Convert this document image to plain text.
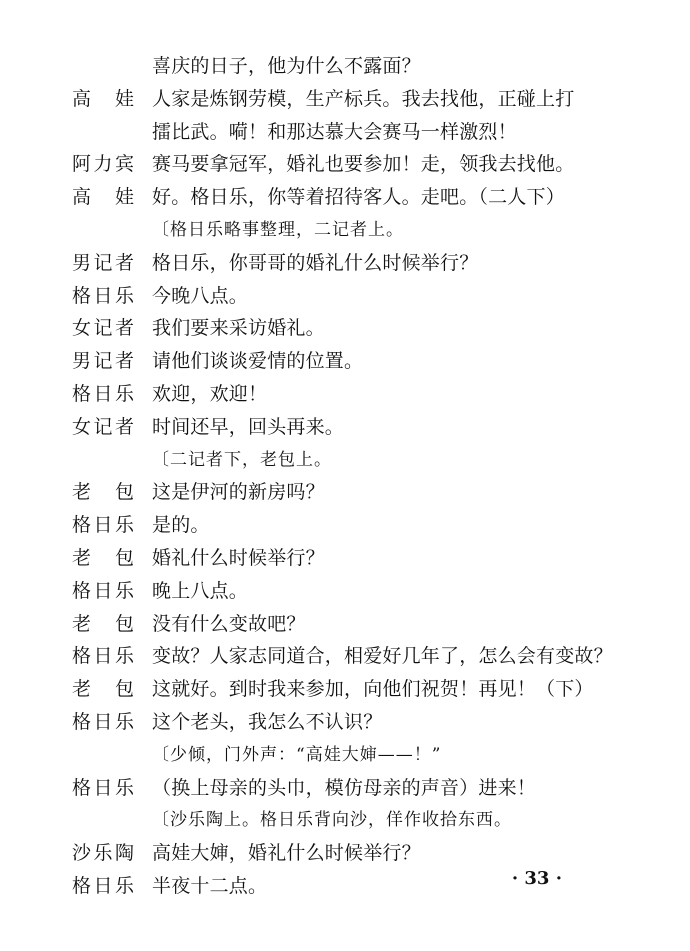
喜庆的日子，他为什么不露面？
高　娃 人家是炼钢劳模，生产标兵。我去找他，正碰上打
擂比武。嗬！和那达慕大会赛马一样激烈！
阿力宾 赛马要拿冠军，婚礼也要参加！走，领我去找他。
高　娃 好。格日乐，你等着招待客人。走吧。（二人下）
〔格日乐略事整理，二记者上。
男记者 格日乐，你哥哥的婚礼什么时候举行？
格日乐 今晚八点。
女记者 我们要来采访婚礼。
男记者 请他们谈谈爱情的位置。
格日乐 欢迎，欢迎！
女记者 时间还早，回头再来。
〔二记者下，老包上。
老　包 这是伊河的新房吗？
格日乐 是的。
老　包 婚礼什么时候举行？
格日乐 晚上八点。
老　包 没有什么变故吧？
格日乐 变故？人家志同道合，相爱好几年了，怎么会有变故？
老　包 这就好。到时我来参加，向他们祝贺！再见！（下）
格日乐 这个老头，我怎么不认识？
〔少倾，门外声：“高娃大婶——！”
格日乐 （换上母亲的头巾，模仿母亲的声音）进来！
〔沙乐陶上。格日乐背向沙，佯作收拾东西。
沙乐陶 高娃大婶，婚礼什么时候举行？
格日乐 半夜十二点。	· 33 ·
